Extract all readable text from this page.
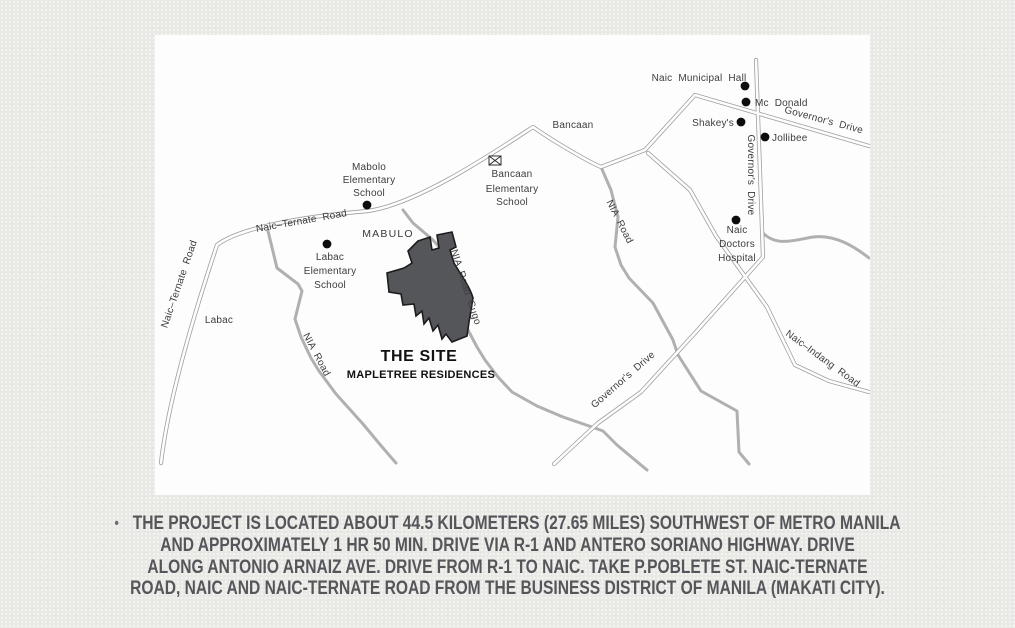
Naic–Ternate Road
Naic–Ternate Road
NIA Road
NIA Road
NIA Road Gugo
Governor's Drive
Governor's Drive
Governor's Drive	Naic–Indang Road
MABULO
Labac
Bancaan
Mabolo
Elementary
School
Bancaan
Elementary
School
Labac
Elementary
School
Naic Municipal Hall
Mc Donald
Shakey's
Jollibee
Naic
Doctors
Hospital
THE SITE
MAPLETREE RESIDENCES
• THE PROJECT IS LOCATED ABOUT 44.5 KILOMETERS (27.65 MILES) SOUTHWEST OF METRO MANILA
AND APPROXIMATELY 1 HR 50 MIN. DRIVE VIA R-1 AND ANTERO SORIANO HIGHWAY. DRIVE
ALONG ANTONIO ARNAIZ AVE. DRIVE FROM R-1 TO NAIC. TAKE P.POBLETE ST. NAIC-TERNATE
ROAD, NAIC AND NAIC-TERNATE ROAD FROM THE BUSINESS DISTRICT OF MANILA (MAKATI CITY).
